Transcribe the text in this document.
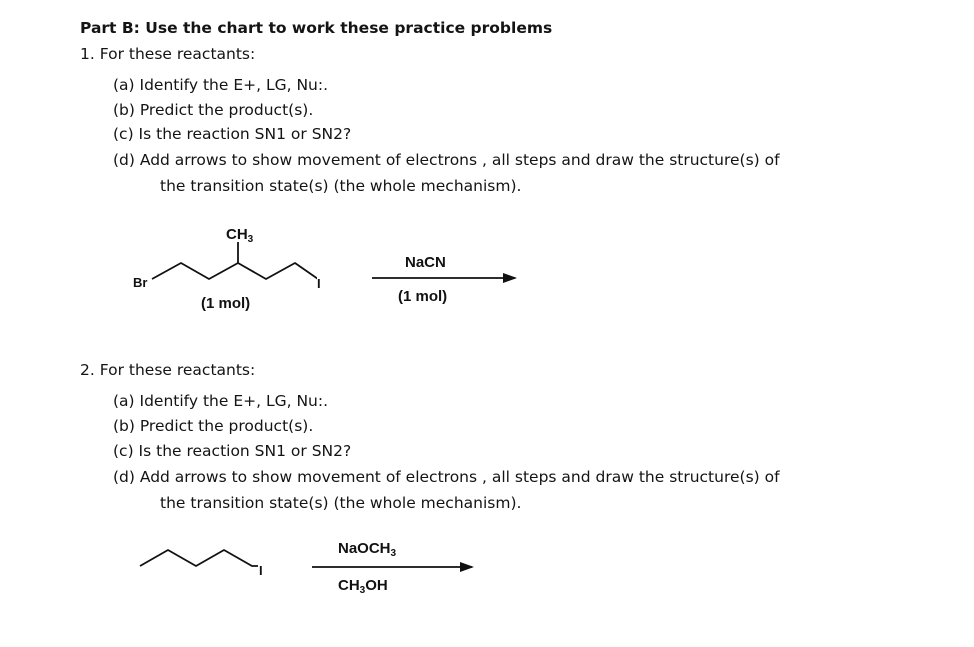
Part B: Use the chart to work these practice problems
1. For these reactants:
(a) Identify the E+, LG, Nu:.
(b) Predict the product(s).
(c) Is the reaction SN1 or SN2?
(d) Add arrows to show movement of electrons , all steps and draw the structure(s) of
the transition state(s) (the whole mechanism).
$CH_3$
Br	I
(1 mol)
NaCN
(1 mol)
2. For these reactants:
(a) Identify the E+, LG, Nu:.
(b) Predict the product(s).
(c) Is the reaction SN1 or SN2?
(d) Add arrows to show movement of electrons , all steps and draw the structure(s) of
the transition state(s) (the whole mechanism).
I
NaOCH$_3$
$CH_3OH$
